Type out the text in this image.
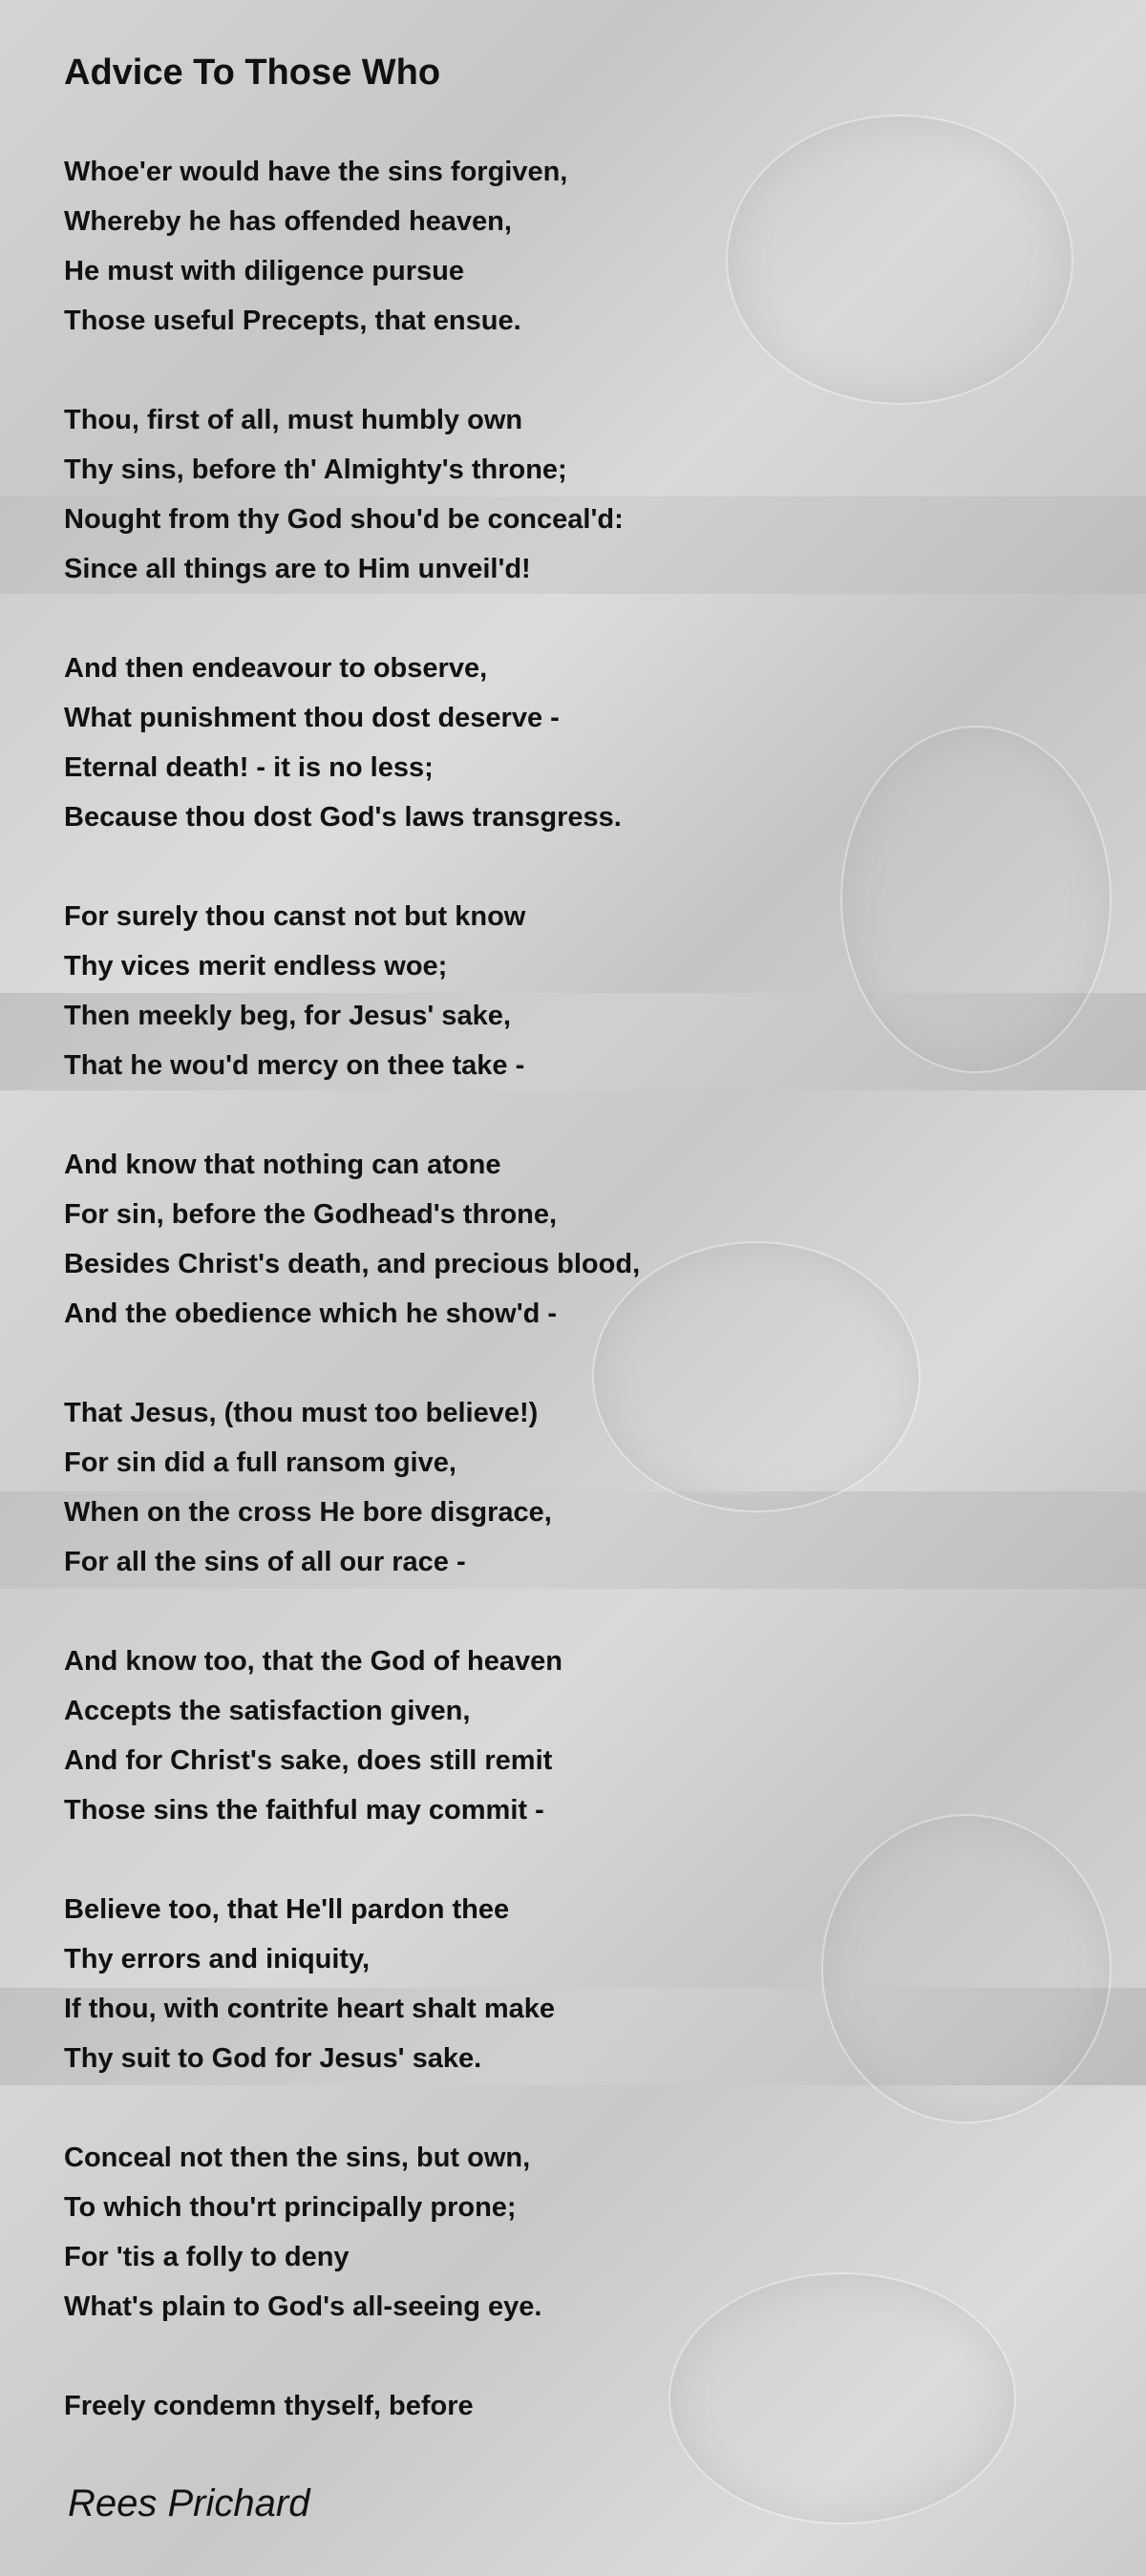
Advice To Those Who
Whoe'er would have the sins forgiven,
Whereby he has offended heaven,
He must with diligence pursue
Those useful Precepts, that ensue.
Thou, first of all, must humbly own
Thy sins, before th' Almighty's throne;
Nought from thy God shou'd be conceal'd:
Since all things are to Him unveil'd!
And then endeavour to observe,
What punishment thou dost deserve -
Eternal death! - it is no less;
Because thou dost God's laws transgress.
For surely thou canst not but know
Thy vices merit endless woe;
Then meekly beg, for Jesus' sake,
That he wou'd mercy on thee take -
And know that nothing can atone
For sin, before the Godhead's throne,
Besides Christ's death, and precious blood,
And the obedience which he show'd -
That Jesus, (thou must too believe!)
For sin did a full ransom give,
When on the cross He bore disgrace,
For all the sins of all our race -
And know too, that the God of heaven
Accepts the satisfaction given,
And for Christ's sake, does still remit
Those sins the faithful may commit -
Believe too, that He'll pardon thee
Thy errors and iniquity,
If thou, with contrite heart shalt make
Thy suit to God for Jesus' sake.
Conceal not then the sins, but own,
To which thou'rt principally prone;
For 'tis a folly to deny
What's plain to God's all-seeing eye.
Freely condemn thyself, before
Rees Prichard
